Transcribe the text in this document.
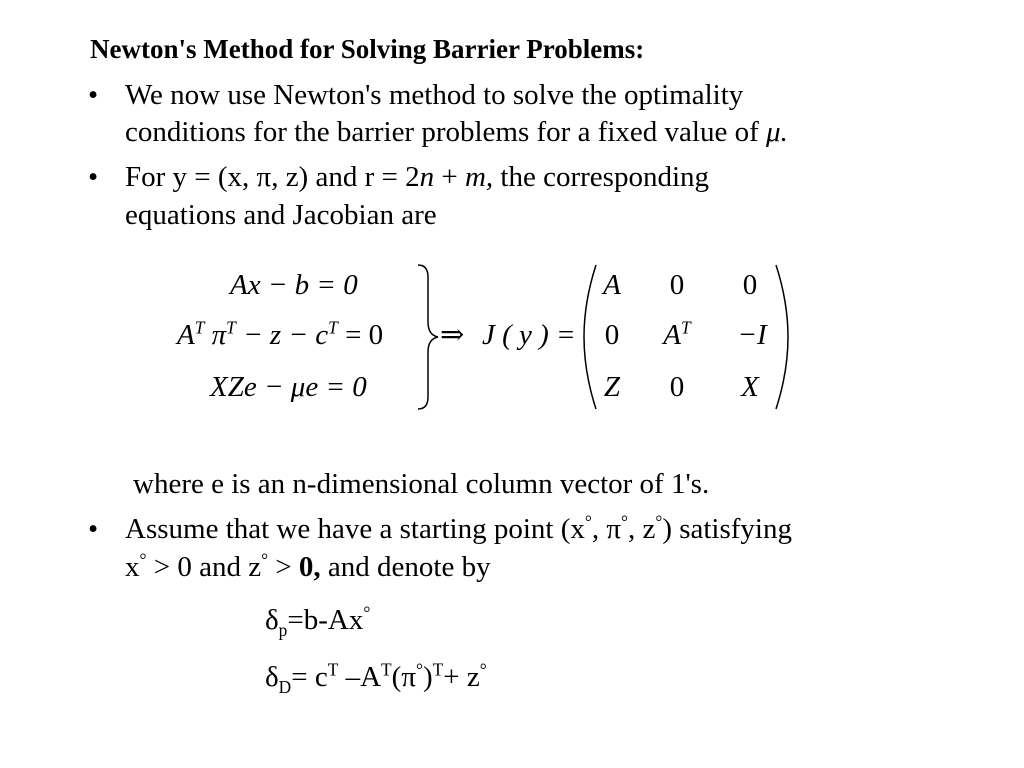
Newton's Method for Solving Barrier Problems:
• We now use Newton's method to solve the optimality
conditions for the barrier problems for a fixed value of μ.
• For y = (x, π, z) and r = 2n + m, the corresponding
equations and Jacobian are
Ax − b = 0
$A^T$ $\pi^T - z - c^T = 0$
XZe − μe = 0
⇒ J ( y ) =
A	0	0
0	$A^T$	−I
Z	0	X
where e is an n-dimensional column vector of 1's.
• Assume that we have a starting point (x°, π°, z°) satisfying
x° > 0 and z° > 0, and denote by
$\delta_p=b-Ax^\circ$
$\delta_D= c^T$ $-A^T(\pi^\circ)^T+ z^\circ$
